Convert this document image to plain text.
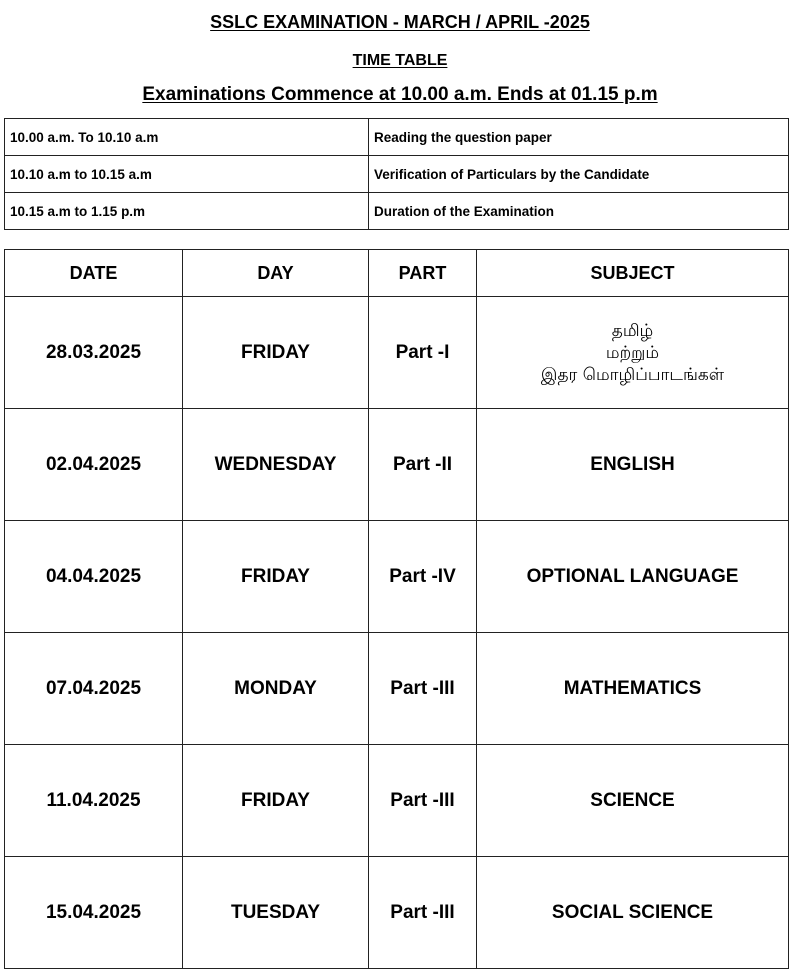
SSLC EXAMINATION - MARCH / APRIL -2025
TIME TABLE
Examinations Commence at 10.00 a.m. Ends at 01.15 p.m
10.00 a.m. To 10.10 a.m	Reading the question paper
10.10 a.m to 10.15 a.m	Verification of Particulars by the Candidate
10.15 a.m to 1.15 p.m	Duration of the Examination
DATE	DAY	PART	SUBJECT
28.03.2025	FRIDAY	Part -I	தமிழ்
மற்றும்
இதர மொழிப்பாடங்கள்

02.04.2025	WEDNESDAY	Part -II	ENGLISH
04.04.2025	FRIDAY	Part -IV	OPTIONAL LANGUAGE
07.04.2025	MONDAY	Part -III	MATHEMATICS
11.04.2025	FRIDAY	Part -III	SCIENCE
15.04.2025	TUESDAY	Part -III	SOCIAL SCIENCE
